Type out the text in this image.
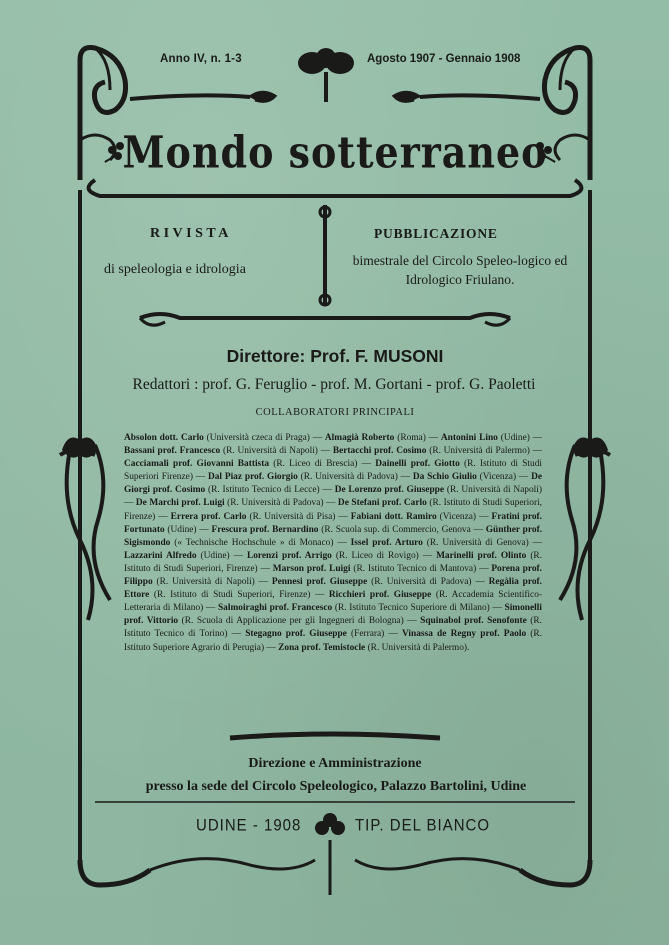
Anno IV, n. 1-3	Agosto 1907 - Gennaio 1908
Mondo sotterraneo
RIVISTA
di speleologia e idrologia
PUBBLICAZIONE
bimestrale del Circolo Speleo-logico ed Idrologico Friulano.
Direttore: Prof. F. MUSONI
Redattori : prof. G. Feruglio - prof. M. Gortani - prof. G. Paoletti
COLLABORATORI PRINCIPALI
Absolon dott. Carlo (Università czeca di Praga) — Almagià Roberto (Roma) — Antonini Lino (Udine) — Bassani prof. Francesco (R. Università di Napoli) — Bertacchi prof. Cosimo (R. Università di Palermo) — Cacciamali prof. Giovanni Battista (R. Liceo di Brescia) — Dainelli prof. Giotto (R. Istituto di Studi Superiori Firenze) — Dal Piaz prof. Giorgio (R. Università di Padova) — Da Schio Giulio (Vicenza) — De Giorgi prof. Cosimo (R. Istituto Tecnico di Lecce) — De Lorenzo prof. Giuseppe (R. Università di Napoli) — De Marchi prof. Luigi (R. Università di Padova) — De Stefani prof. Carlo (R. Istituto di Studi Superiori, Firenze) — Errera prof. Carlo (R. Università di Pisa) — Fabiani dott. Ramiro (Vicenza) — Fratini prof. Fortunato (Udine) — Frescura prof. Bernardino (R. Scuola sup. di Commercio, Genova — Günther prof. Sigismondo (« Technische Hochschule » di Monaco) — Issel prof. Arturo (R. Università di Genova) — Lazzarini Alfredo (Udine) — Lorenzi prof. Arrigo (R. Liceo di Rovigo) — Marinelli prof. Olinto (R. Istituto di Studi Superiori, Firenze) — Marson prof. Luigi (R. Istituto Tecnico di Mantova) — Porena prof. Filippo (R. Università di Napoli) — Pennesi prof. Giuseppe (R. Università di Padova) — Regàlia prof. Ettore (R. Istituto di Studi Superiori, Firenze) — Ricchieri prof. Giuseppe (R. Accademia Scientifico-Letteraria di Milano) — Salmoiraghi prof. Francesco (R. Istituto Tecnico Superiore di Milano) — Simonelli prof. Vittorio (R. Scuola di Applicazione per gli Ingegneri di Bologna) — Squinabol prof. Senofonte (R. Istituto Tecnico di Torino) — Stegagno prof. Giuseppe (Ferrara) — Vinassa de Regny prof. Paolo (R. Istituto Superiore Agrario di Perugia) — Zona prof. Temistocle (R. Università di Palermo).
Direzione e Amministrazione
presso la sede del Circolo Speleologico, Palazzo Bartolini, Udine
UDINE - 1908	TIP. DEL BIANCO
